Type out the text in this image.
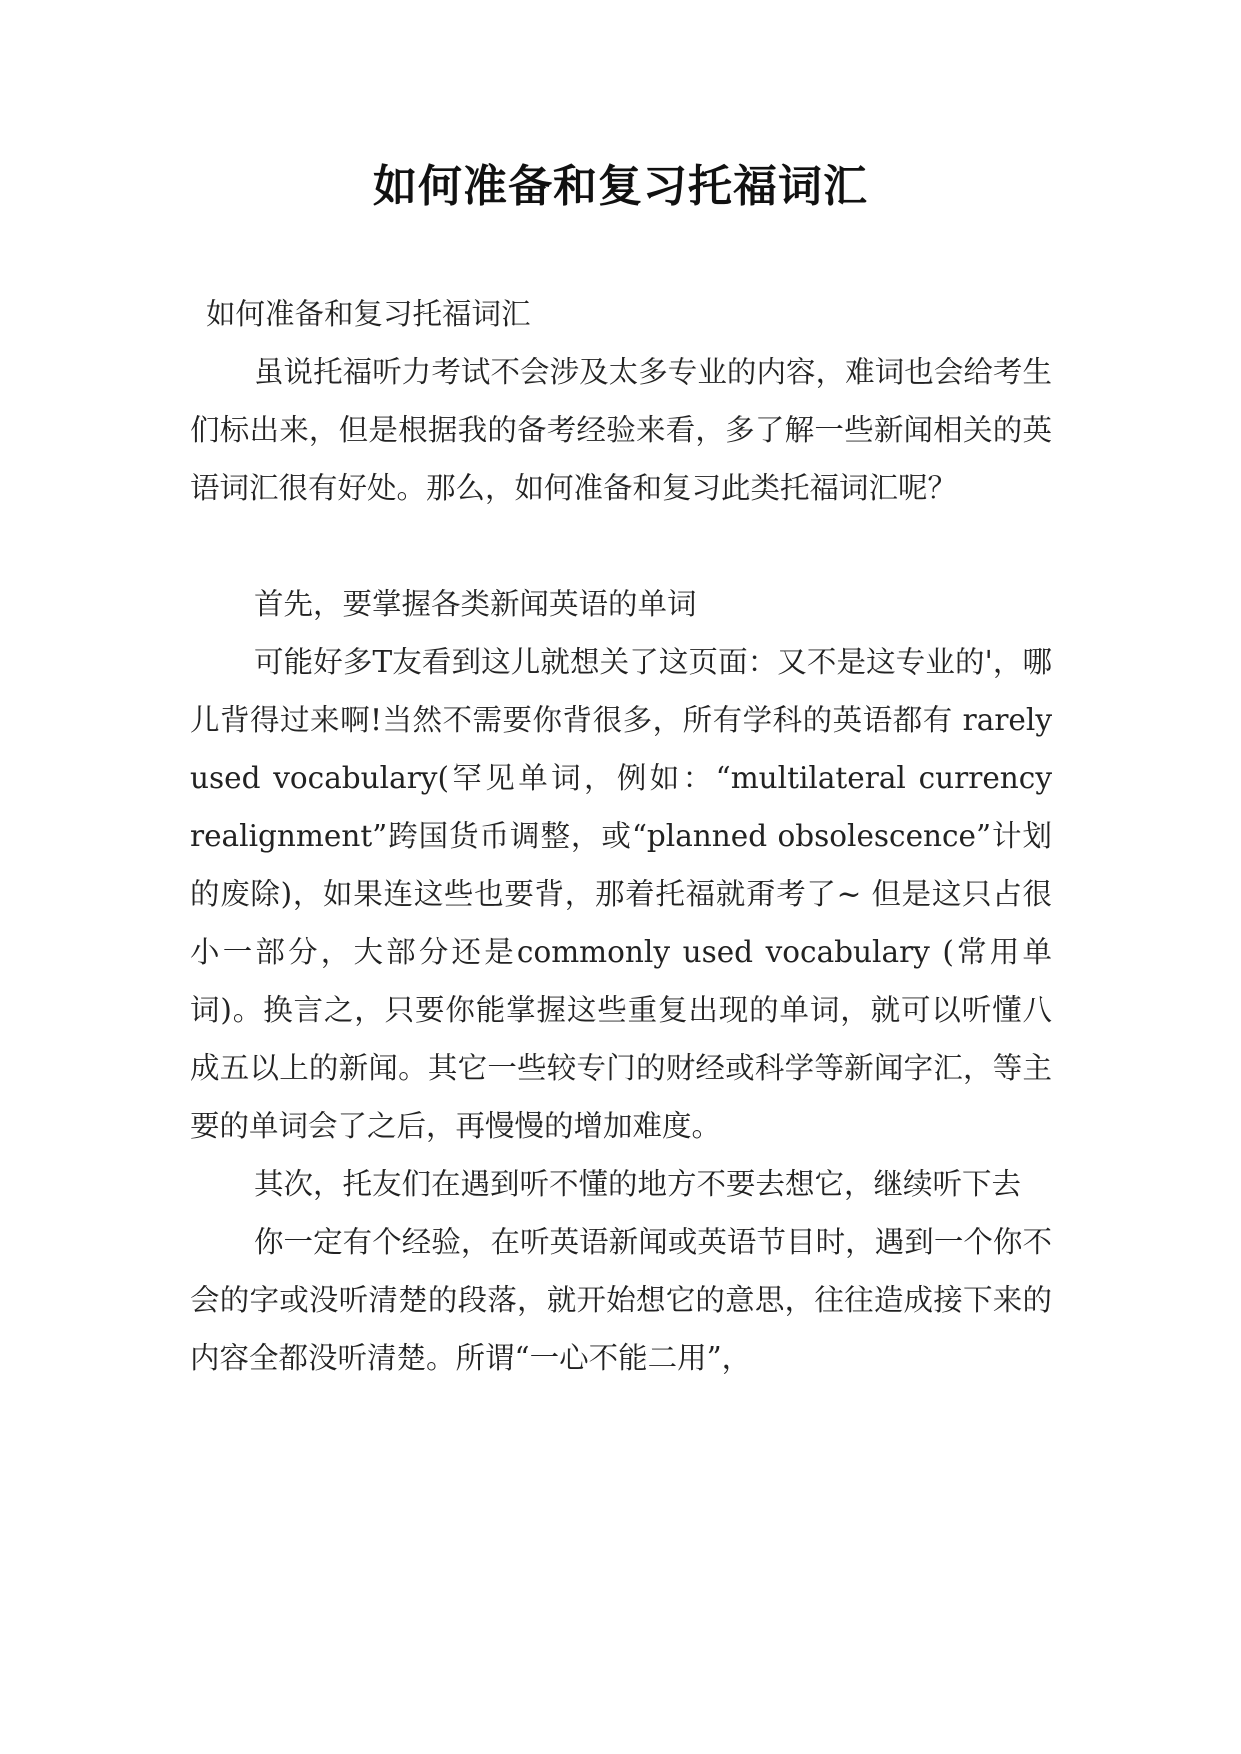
如何准备和复习托福词汇

如何准备和复习托福词汇

虽说托福听力考试不会涉及太多专业的内容，难词也会给考生们标出来，但是根据我的备考经验来看，多了解一些新闻相关的英语词汇很有好处。那么，如何准备和复习此类托福词汇呢？

首先，要掌握各类新闻英语的单词

可能好多T友看到这儿就想关了这页面：又不是这专业的'，哪儿背得过来啊!当然不需要你背很多，所有学科的英语都有 rarely used vocabulary(罕见单词，例如：“multilateral currency realignment”跨国货币调整，或“planned obsolescence”计划的废除)，如果连这些也要背，那着托福就甭考了~ 但是这只占很小一部分，大部分还是commonly used vocabulary (常用单词)。换言之，只要你能掌握这些重复出现的单词，就可以听懂八成五以上的新闻。其它一些较专门的财经或科学等新闻字汇，等主要的单词会了之后，再慢慢的增加难度。

其次，托友们在遇到听不懂的地方不要去想它，继续听下去

你一定有个经验，在听英语新闻或英语节目时，遇到一个你不会的字或没听清楚的段落，就开始想它的意思，往往造成接下来的内容全都没听清楚。所谓“一心不能二用”，
